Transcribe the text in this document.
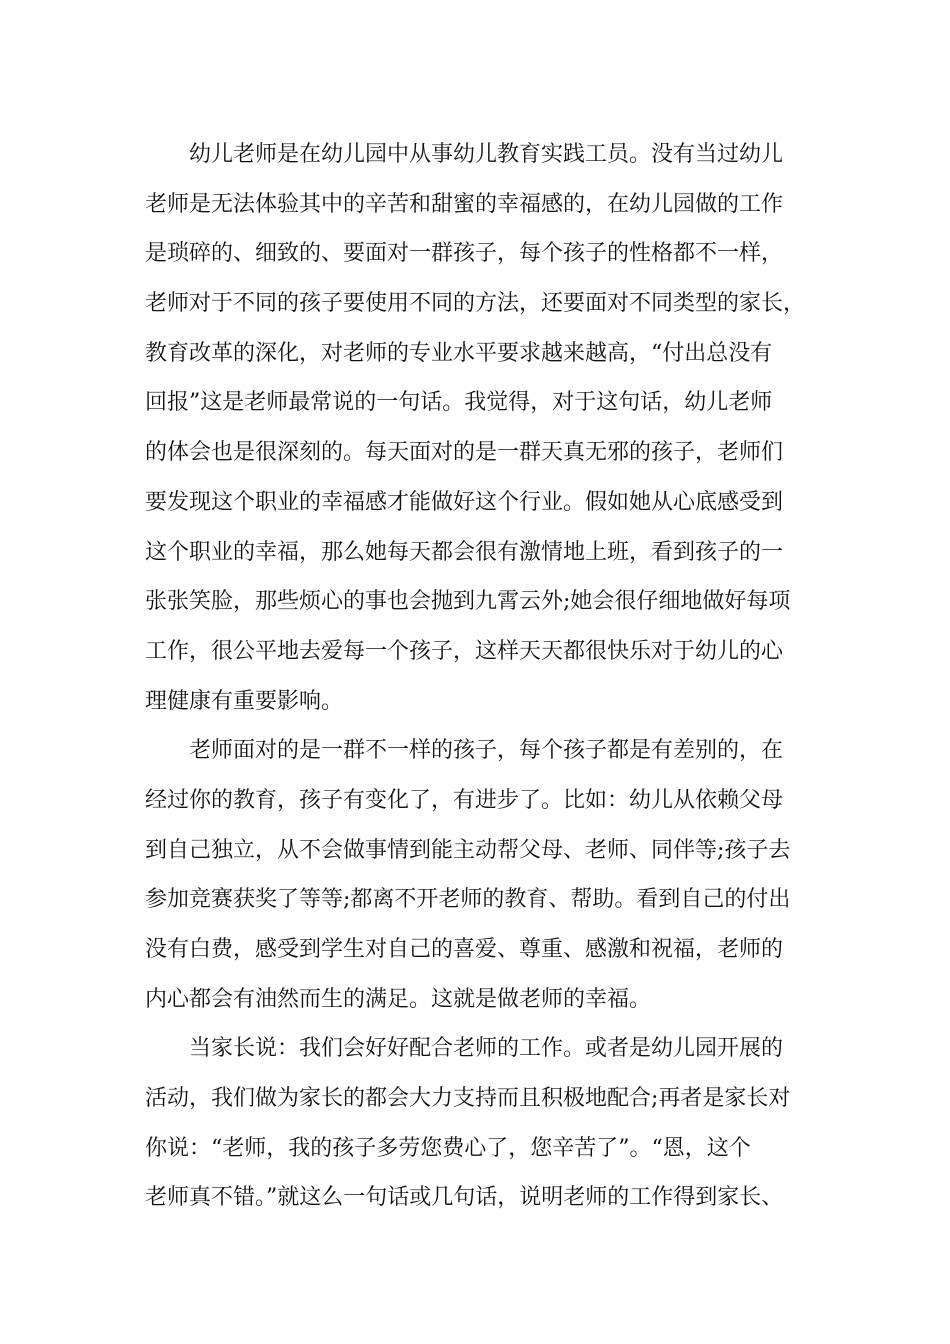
幼儿老师是在幼儿园中从事幼儿教育实践工员。没有当过幼儿
老师是无法体验其中的辛苦和甜蜜的幸福感的，在幼儿园做的工作
是琐碎的、细致的、要面对一群孩子，每个孩子的性格都不一样，
老师对于不同的孩子要使用不同的方法，还要面对不同类型的家长，
教育改革的深化，对老师的专业水平要求越来越高，“付出总没有
回报”这是老师最常说的一句话。我觉得，对于这句话，幼儿老师
的体会也是很深刻的。每天面对的是一群天真无邪的孩子，老师们
要发现这个职业的幸福感才能做好这个行业。假如她从心底感受到
这个职业的幸福，那么她每天都会很有激情地上班，看到孩子的一
张张笑脸，那些烦心的事也会抛到九霄云外;她会很仔细地做好每项
工作，很公平地去爱每一个孩子，这样天天都很快乐对于幼儿的心
理健康有重要影响。

老师面对的是一群不一样的孩子，每个孩子都是有差别的，在
经过你的教育，孩子有变化了，有进步了。比如：幼儿从依赖父母
到自己独立，从不会做事情到能主动帮父母、老师、同伴等;孩子去
参加竞赛获奖了等等;都离不开老师的教育、帮助。看到自己的付出
没有白费，感受到学生对自己的喜爱、尊重、感激和祝福，老师的
内心都会有油然而生的满足。这就是做老师的幸福。

当家长说：我们会好好配合老师的工作。或者是幼儿园开展的
活动，我们做为家长的都会大力支持而且积极地配合;再者是家长对
你说：“老师，我的孩子多劳您费心了，您辛苦了”。“恩，这个
老师真不错。”就这么一句话或几句话，说明老师的工作得到家长、
